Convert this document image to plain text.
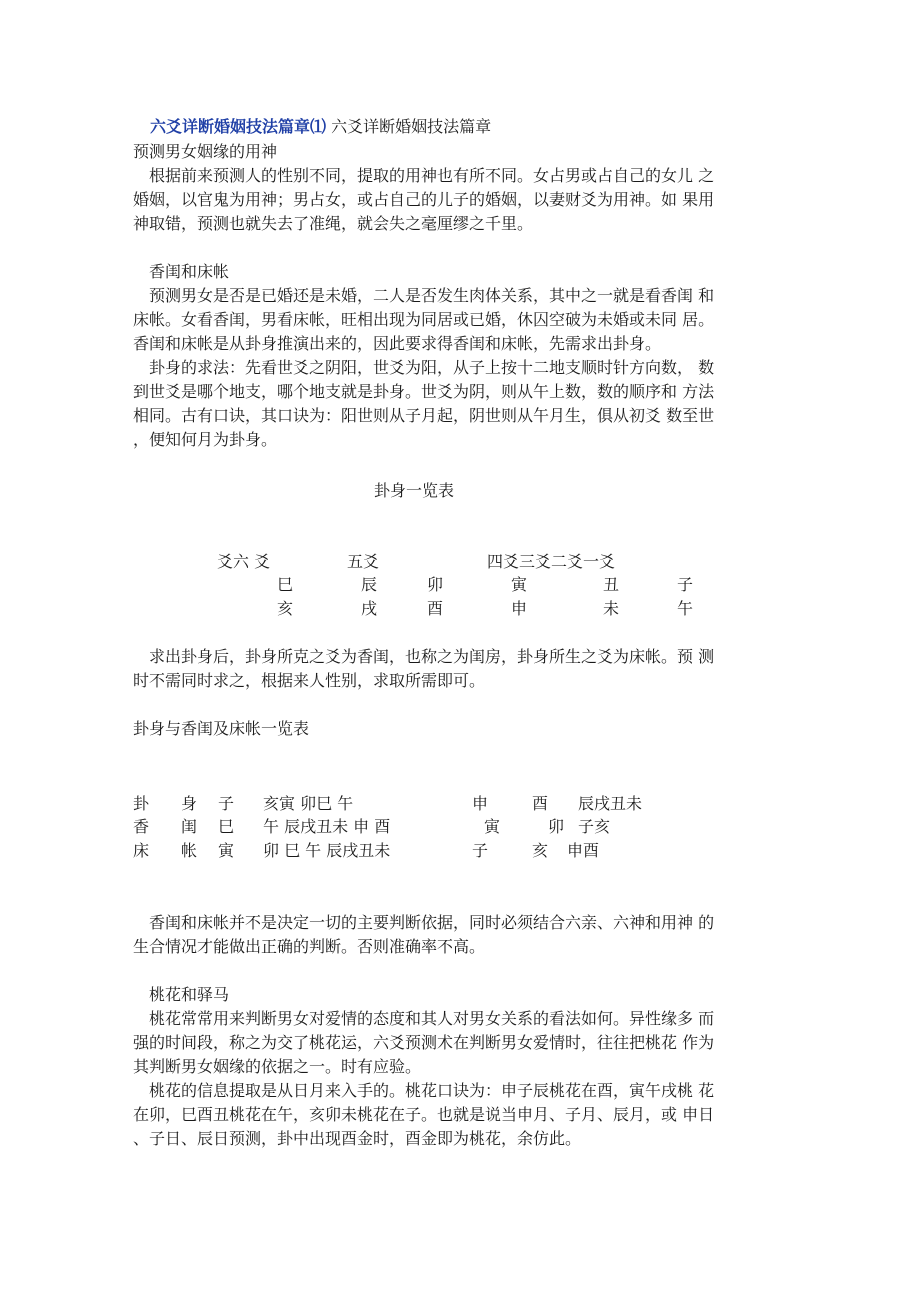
六爻详断婚姻技法篇章⑴ 六爻详断婚姻技法篇章
预测男女姻缘的用神
　根据前来预测人的性别不同，提取的用神也有所不同。女占男或占自己的女儿 之
婚姻，以官鬼为用神；男占女，或占自己的儿子的婚姻，以妻财爻为用神。如 果用
神取错，预测也就失去了准绳，就会失之毫厘缪之千里。
　香闺和床帐
　预测男女是否是已婚还是未婚，二人是否发生肉体关系，其中之一就是看香闺 和
床帐。女看香闺，男看床帐，旺相出现为同居或已婚，休囚空破为未婚或未同 居。
香闺和床帐是从卦身推演出来的，因此要求得香闺和床帐，先需求出卦身。
　卦身的求法：先看世爻之阴阳，世爻为阳，从子上按十二地支顺时针方向数， 数
到世爻是哪个地支，哪个地支就是卦身。世爻为阴，则从午上数，数的顺序和 方法
相同。古有口诀，其口诀为：阳世则从子月起，阴世则从午月生，俱从初爻 数至世
，便知何月为卦身。
卦身一览表
爻六 爻	五爻	四爻三爻二爻一爻
巳	辰	卯	寅	丑	子
亥	戌	酉	申	未	午
　求出卦身后，卦身所克之爻为香闺，也称之为闺房，卦身所生之爻为床帐。预 测
时不需同时求之，根据来人性别，求取所需即可。
卦身与香闺及床帐一览表
卦 身 子 亥寅 卯巳 午	申	酉 辰戌丑未
香 闺 巳 午 辰戌丑未 申 酉	寅	卯 子亥
床 帐 寅 卯 巳 午 辰戌丑未	子	亥 申酉
　香闺和床帐并不是决定一切的主要判断依据，同时必须结合六亲、六神和用神 的
生合情况才能做出正确的判断。否则准确率不高。
　桃花和驿马
　桃花常常用来判断男女对爱情的态度和其人对男女关系的看法如何。异性缘多 而
强的时间段，称之为交了桃花运，六爻预测术在判断男女爱情时，往往把桃花 作为
其判断男女姻缘的依据之一。时有应验。
　桃花的信息提取是从日月来入手的。桃花口诀为：申子辰桃花在酉，寅午戌桃 花
在卯，巳酉丑桃花在午，亥卯未桃花在子。也就是说当申月、子月、辰月，或 申日
、子日、辰日预测，卦中出现酉金时，酉金即为桃花，余仿此。
